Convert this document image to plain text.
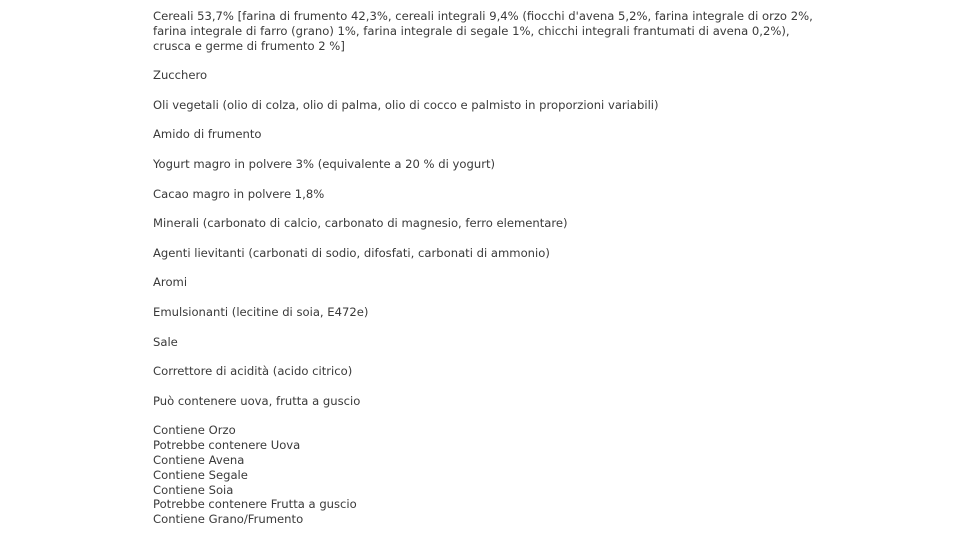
Cereali 53,7% [farina di frumento 42,3%, cereali integrali 9,4% (fiocchi d'avena 5,2%, farina integrale di orzo 2%, farina integrale di farro (grano) 1%, farina integrale di segale 1%, chicchi integrali frantumati di avena 0,2%), crusca e germe di frumento 2 %]

Zucchero

Oli vegetali (olio di colza, olio di palma, olio di cocco e palmisto in proporzioni variabili)

Amido di frumento

Yogurt magro in polvere 3% (equivalente a 20 % di yogurt)

Cacao magro in polvere 1,8%

Minerali (carbonato di calcio, carbonato di magnesio, ferro elementare)

Agenti lievitanti (carbonati di sodio, difosfati, carbonati di ammonio)

Aromi

Emulsionanti (lecitine di soia, E472e)

Sale

Correttore di acidità (acido citrico)

Può contenere uova, frutta a guscio

Contiene Orzo
Potrebbe contenere Uova
Contiene Avena
Contiene Segale
Contiene Soia
Potrebbe contenere Frutta a guscio
Contiene Grano/Frumento
